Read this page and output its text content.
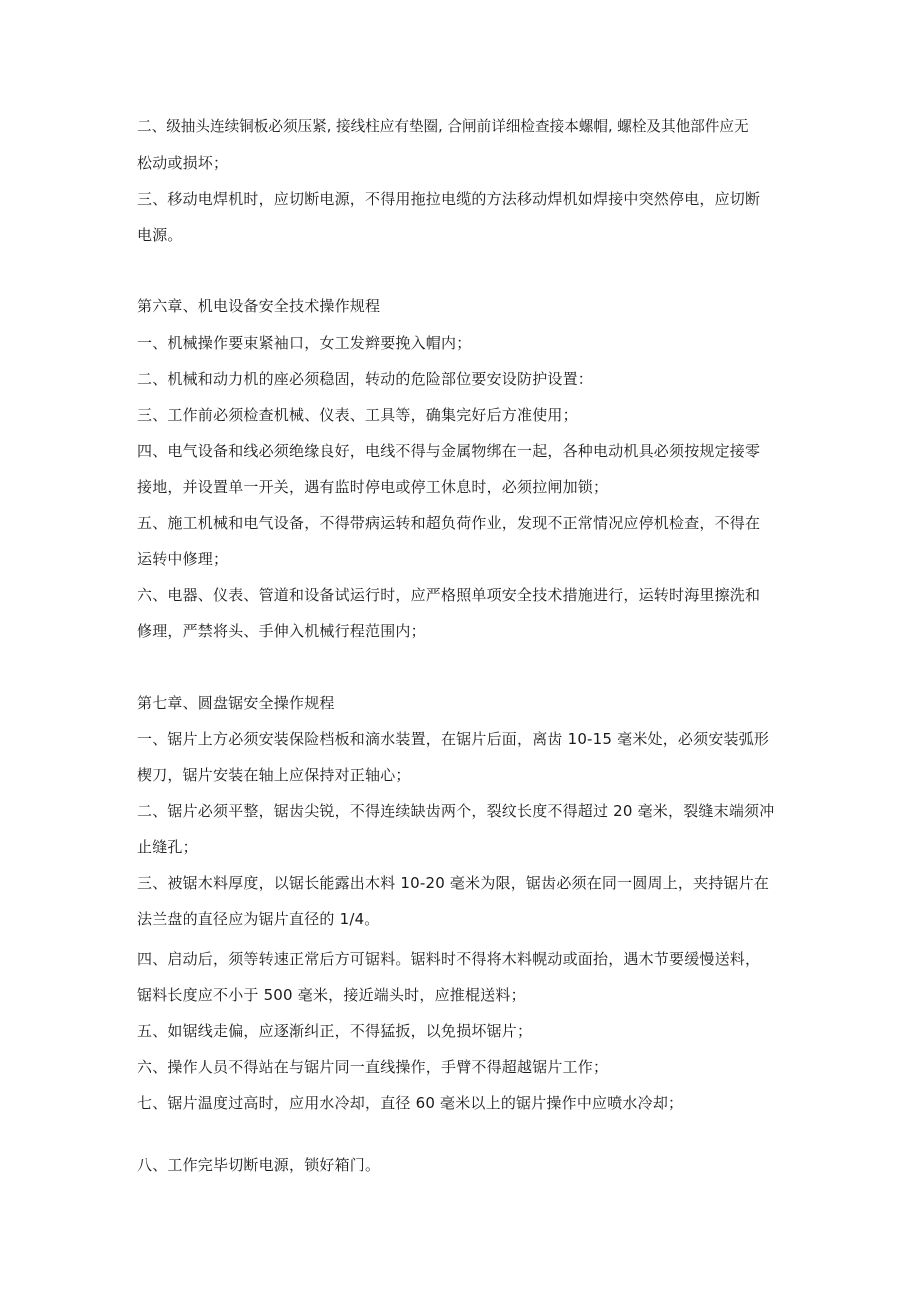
二、级抽头连续铜板必须压紧, 接线柱应有垫圈, 合闸前详细检查接本螺帽, 螺栓及其他部件应无
松动或损坏；
三、移动电焊机时，应切断电源，不得用拖拉电缆的方法移动焊机如焊接中突然停电，应切断
电源。
第六章、机电设备安全技术操作规程
一、机械操作要束紧袖口，女工发辫要挽入帽内；
二、机械和动力机的座必须稳固，转动的危险部位要安设防护设置：
三、工作前必须检查机械、仪表、工具等，确集完好后方准使用；
四、电气设备和线必须绝缘良好，电线不得与金属物绑在一起，各种电动机具必须按规定接零
接地，并设置单一开关，遇有监时停电或停工休息时，必须拉闸加锁；
五、施工机械和电气设备，不得带病运转和超负荷作业，发现不正常情况应停机检查，不得在
运转中修理；
六、电器、仪表、管道和设备试运行时，应严格照单项安全技术措施进行，运转时海里擦洗和
修理，严禁将头、手伸入机械行程范围内；
第七章、圆盘锯安全操作规程
一、锯片上方必须安装保险档板和滴水装置，在锯片后面，离齿 10-15 毫米处，必须安装弧形
楔刀，锯片安装在轴上应保持对正轴心；
二、锯片必须平整，锯齿尖锐，不得连续缺齿两个，裂纹长度不得超过 20 毫米，裂缝末端须冲
止缝孔；
三、被锯木料厚度，以锯长能露出木料 10-20 毫米为限，锯齿必须在同一圆周上，夹持锯片在
法兰盘的直径应为锯片直径的 1/4。
四、启动后，须等转速正常后方可锯料。锯料时不得将木料幌动或面抬，遇木节要缓慢送料，
锯料长度应不小于 500 毫米，接近端头时，应推棍送料；
五、如锯线走偏，应逐渐纠正，不得猛扳，以免损坏锯片；
六、操作人员不得站在与锯片同一直线操作，手臂不得超越锯片工作；
七、锯片温度过高时，应用水冷却，直径 60 毫米以上的锯片操作中应喷水冷却；
八、工作完毕切断电源，锁好箱门。
